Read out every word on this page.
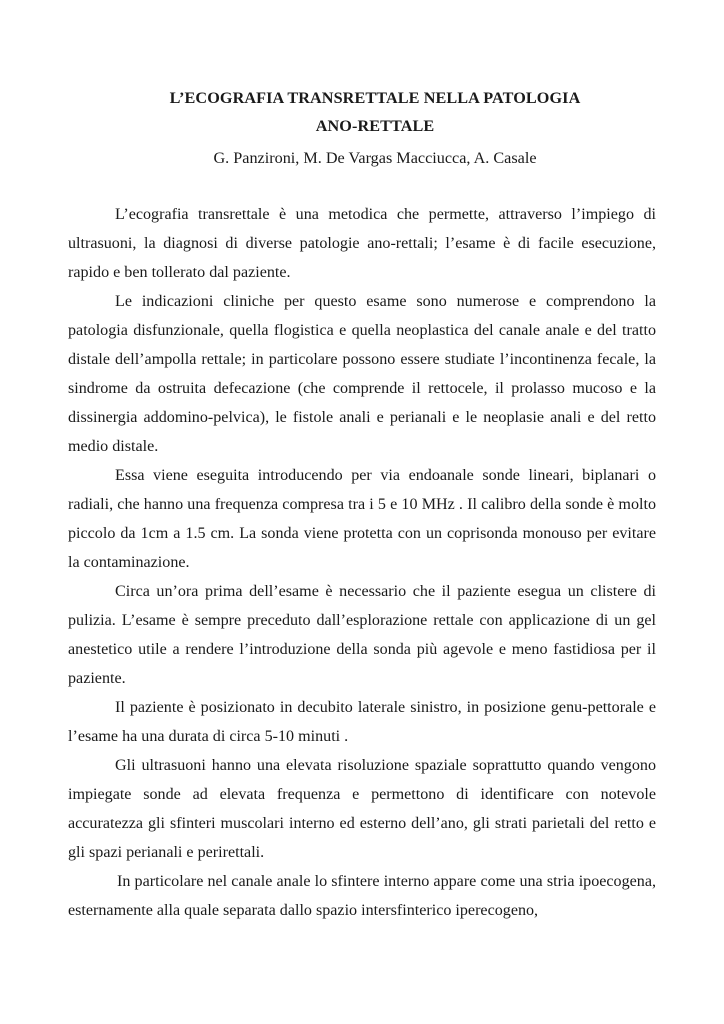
L’ECOGRAFIA TRANSRETTALE NELLA PATOLOGIA

ANO-RETTALE

G. Panzironi, M. De Vargas Macciucca, A. Casale

L’ecografia transrettale è una metodica che permette, attraverso l’impiego di ultrasuoni, la diagnosi di diverse patologie ano-rettali; l’esame è di facile esecuzione, rapido e ben tollerato dal paziente.

Le indicazioni cliniche per questo esame sono numerose e comprendono la patologia disfunzionale, quella flogistica e quella neoplastica del canale anale e del tratto distale dell’ampolla rettale; in particolare possono essere studiate l’incontinenza fecale, la sindrome da ostruita defecazione (che comprende il rettocele, il prolasso mucoso e la dissinergia addomino-pelvica), le fistole anali e perianali e le neoplasie anali e del retto medio distale.

Essa viene eseguita introducendo per via endoanale sonde lineari, biplanari o radiali, che hanno una frequenza compresa tra i 5 e 10 MHz . Il calibro della sonde è molto piccolo da 1cm a 1.5 cm. La sonda viene protetta con un coprisonda monouso per evitare la contaminazione.

Circa un’ora prima dell’esame è necessario che il paziente esegua un clistere di pulizia. L’esame è sempre preceduto dall’esplorazione rettale con applicazione di un gel anestetico utile a rendere l’introduzione della sonda più agevole e meno fastidiosa per il paziente.

Il paziente è posizionato in decubito laterale sinistro, in posizione genu-pettorale e l’esame ha una durata di circa 5-10 minuti .

Gli ultrasuoni hanno una elevata risoluzione spaziale soprattutto quando vengono impiegate sonde ad elevata frequenza e permettono di identificare con notevole accuratezza gli sfinteri muscolari interno ed esterno dell’ano, gli strati parietali del retto e gli spazi perianali e perirettali.

In particolare nel canale anale lo sfintere interno appare come una stria ipoecogena, esternamente alla quale separata dallo spazio intersfinterico iperecogeno,
